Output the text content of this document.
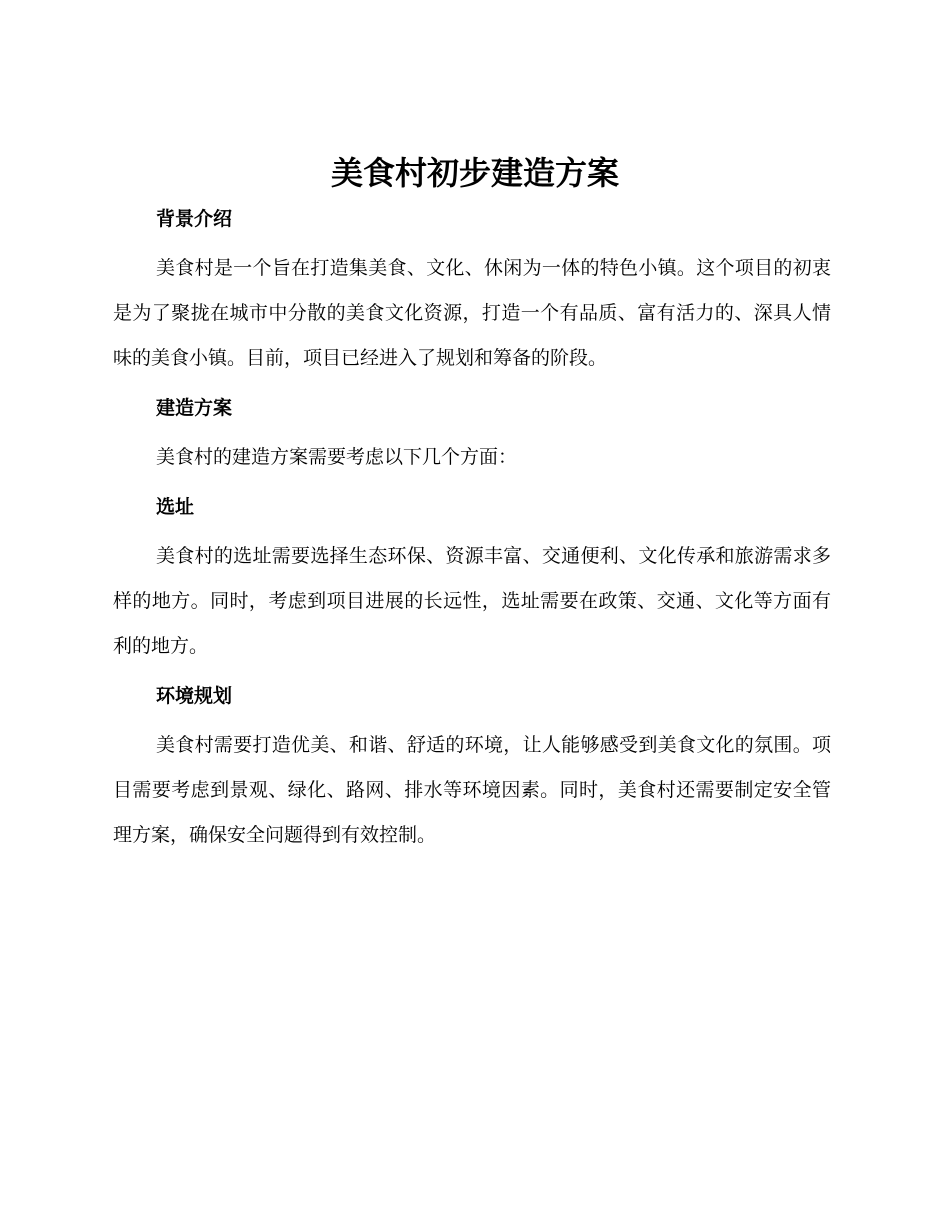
美食村初步建造方案
背景介绍

美食村是一个旨在打造集美食、文化、休闲为一体的特色小镇。这个项目的初衷是为了聚拢在城市中分散的美食文化资源，打造一个有品质、富有活力的、深具人情味的美食小镇。目前，项目已经进入了规划和筹备的阶段。

建造方案

美食村的建造方案需要考虑以下几个方面：

选址

美食村的选址需要选择生态环保、资源丰富、交通便利、文化传承和旅游需求多样的地方。同时，考虑到项目进展的长远性，选址需要在政策、交通、文化等方面有利的地方。

环境规划

美食村需要打造优美、和谐、舒适的环境，让人能够感受到美食文化的氛围。项目需要考虑到景观、绿化、路网、排水等环境因素。同时，美食村还需要制定安全管理方案，确保安全问题得到有效控制。
